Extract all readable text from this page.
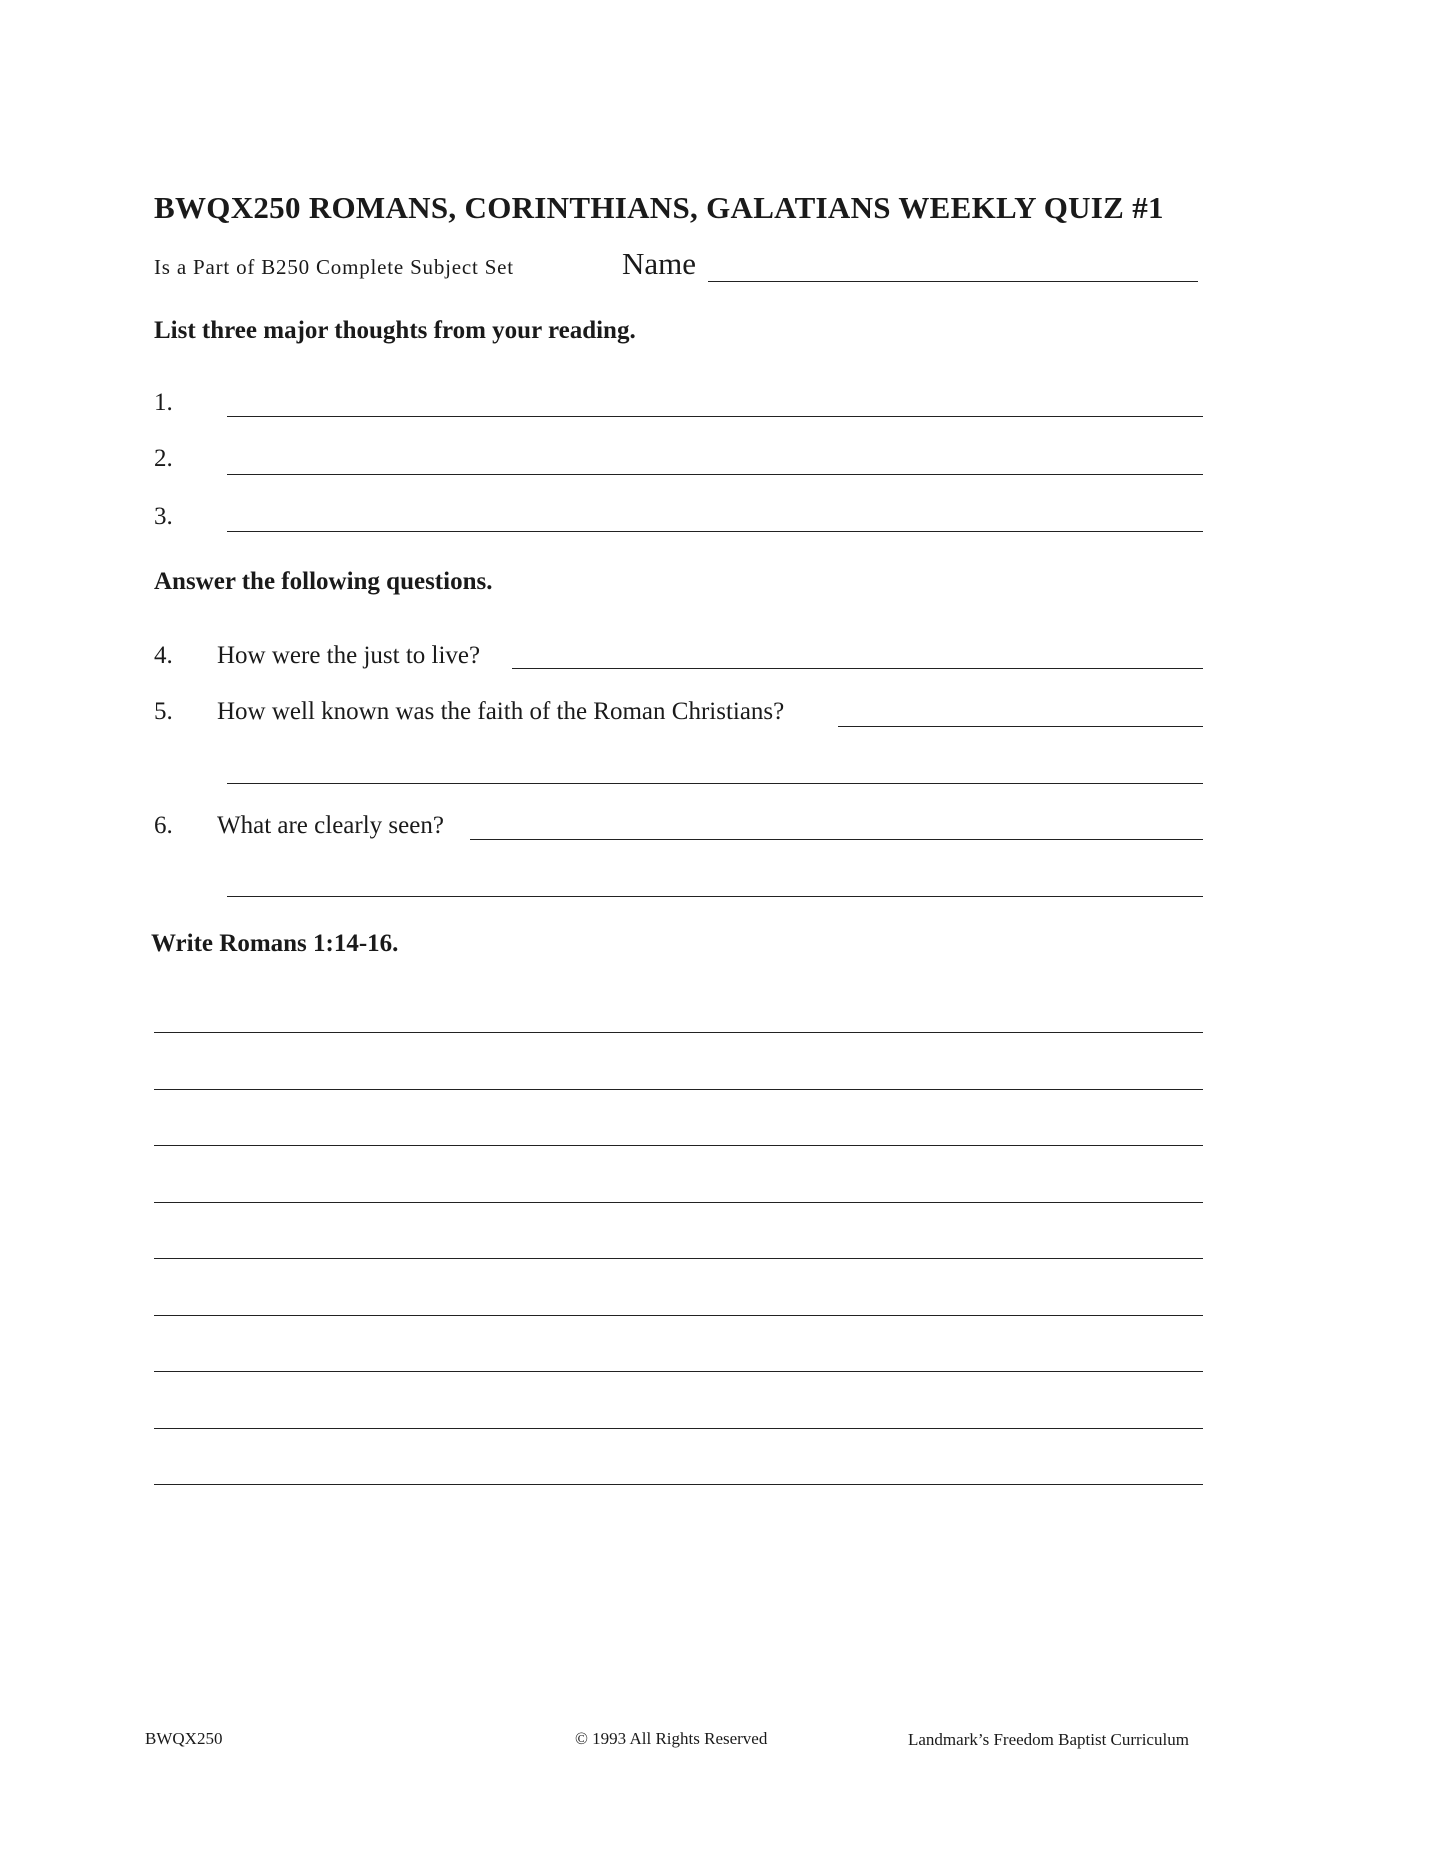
BWQX250 ROMANS, CORINTHIANS, GALATIANS WEEKLY QUIZ #1
Is a Part of B250 Complete Subject Set	Name
List three major thoughts from your reading.
1.
2.
3.
Answer the following questions.
4. How were the just to live?
5. How well known was the faith of the Roman Christians?
6. What are clearly seen?
Write Romans 1:14-16.
BWQX250	© 1993 All Rights Reserved	Landmark’s Freedom Baptist Curriculum
